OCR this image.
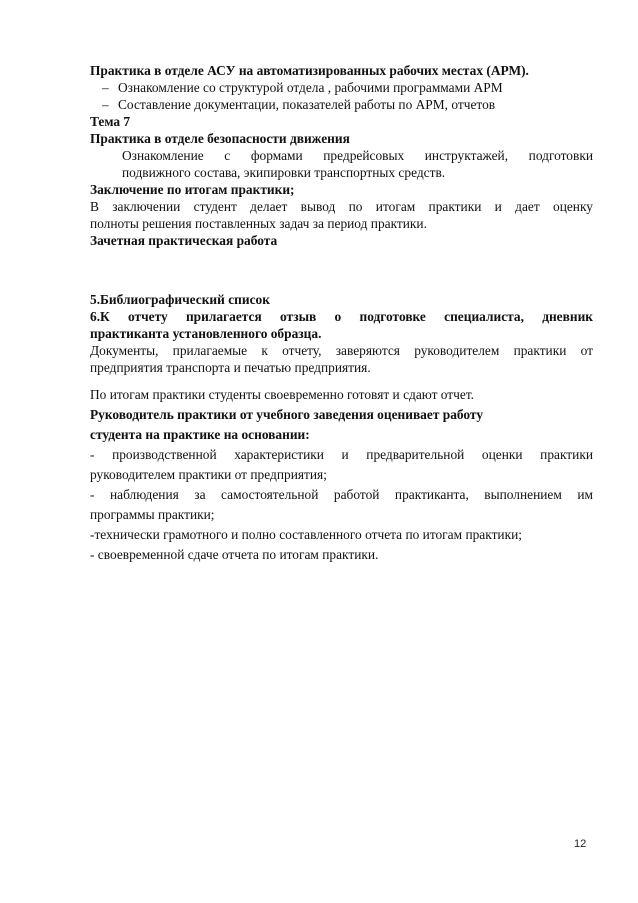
Практика в отделе АСУ на автоматизированных рабочих местах (АРМ).
– Ознакомление со структурой отдела , рабочими программами АРМ
– Составление документации, показателей работы по АРМ, отчетов
Тема 7
Практика в отделе безопасности движения
Ознакомление с формами предрейсовых инструктажей, подготовки
подвижного состава, экипировки транспортных средств.
Заключение по итогам практики;
В заключении студент делает вывод по итогам практики и дает оценку
полноты решения поставленных задач за период практики.
Зачетная практическая работа
5.Библиографический список
6.К отчету прилагается отзыв о подготовке специалиста, дневник
практиканта установленного образца.
Документы, прилагаемые к отчету, заверяются руководителем практики от
предприятия транспорта и печатью предприятия.
По итогам практики студенты своевременно готовят и сдают отчет.
Руководитель практики от учебного заведения оценивает работу
студента на практике на основании:
- производственной характеристики и предварительной оценки практики
руководителем практики от предприятия;
- наблюдения за самостоятельной работой практиканта, выполнением им
программы практики;
-технически грамотного и полно составленного отчета по итогам практики;
- своевременной сдаче отчета по итогам практики.
12
